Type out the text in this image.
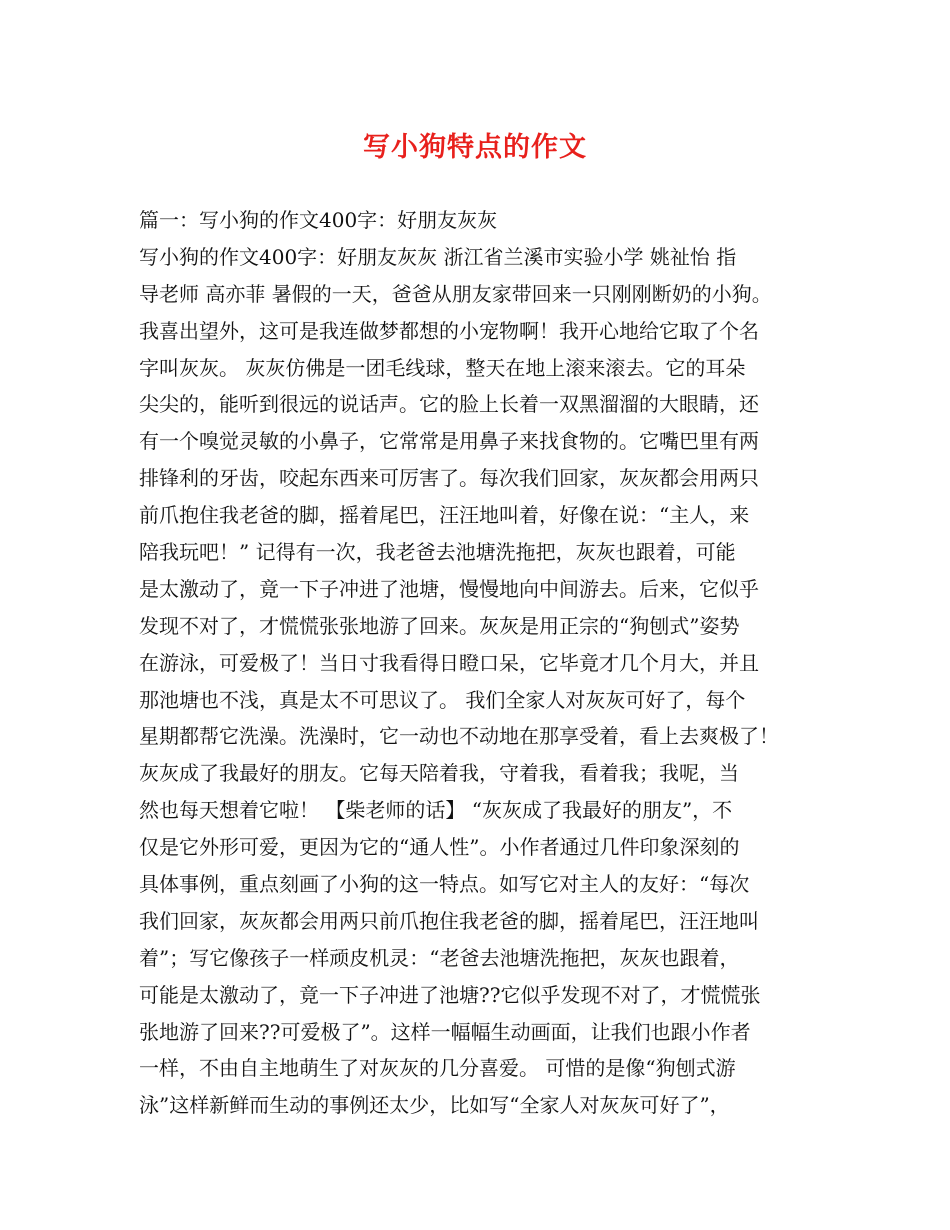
写小狗特点的作文
篇一：写小狗的作文400字：好朋友灰灰
写小狗的作文400字：好朋友灰灰 浙江省兰溪市实验小学 姚祉怡 指
导老师 高亦菲 暑假的一天，爸爸从朋友家带回来一只刚刚断奶的小狗。
我喜出望外，这可是我连做梦都想的小宠物啊！我开心地给它取了个名
字叫灰灰。 灰灰仿佛是一团毛线球，整天在地上滚来滚去。它的耳朵
尖尖的，能听到很远的说话声。它的脸上长着一双黑溜溜的大眼睛，还
有一个嗅觉灵敏的小鼻子，它常常是用鼻子来找食物的。它嘴巴里有两
排锋利的牙齿，咬起东西来可厉害了。每次我们回家，灰灰都会用两只
前爪抱住我老爸的脚，摇着尾巴，汪汪地叫着，好像在说：“主人，来
陪我玩吧！” 记得有一次，我老爸去池塘洗拖把，灰灰也跟着，可能
是太激动了，竟一下子冲进了池塘，慢慢地向中间游去。后来，它似乎
发现不对了，才慌慌张张地游了回来。灰灰是用正宗的“狗刨式”姿势
在游泳，可爱极了！当日寸我看得日瞪口呆，它毕竟才几个月大，并且
那池塘也不浅，真是太不可思议了。 我们全家人对灰灰可好了，每个
星期都帮它洗澡。洗澡时，它一动也不动地在那享受着，看上去爽极了！
灰灰成了我最好的朋友。它每天陪着我，守着我，看着我；我呢，当
然也每天想着它啦！ 【柴老师的话】 “灰灰成了我最好的朋友”，不
仅是它外形可爱，更因为它的“通人性”。小作者通过几件印象深刻的
具体事例，重点刻画了小狗的这一特点。如写它对主人的友好：“每次
我们回家，灰灰都会用两只前爪抱住我老爸的脚，摇着尾巴，汪汪地叫
着”；写它像孩子一样顽皮机灵：“老爸去池塘洗拖把，灰灰也跟着，
可能是太激动了，竟一下子冲进了池塘??它似乎发现不对了，才慌慌张
张地游了回来??可爱极了”。这样一幅幅生动画面，让我们也跟小作者
一样，不由自主地萌生了对灰灰的几分喜爱。 可惜的是像“狗刨式游
泳”这样新鲜而生动的事例还太少，比如写“全家人对灰灰可好了”，
